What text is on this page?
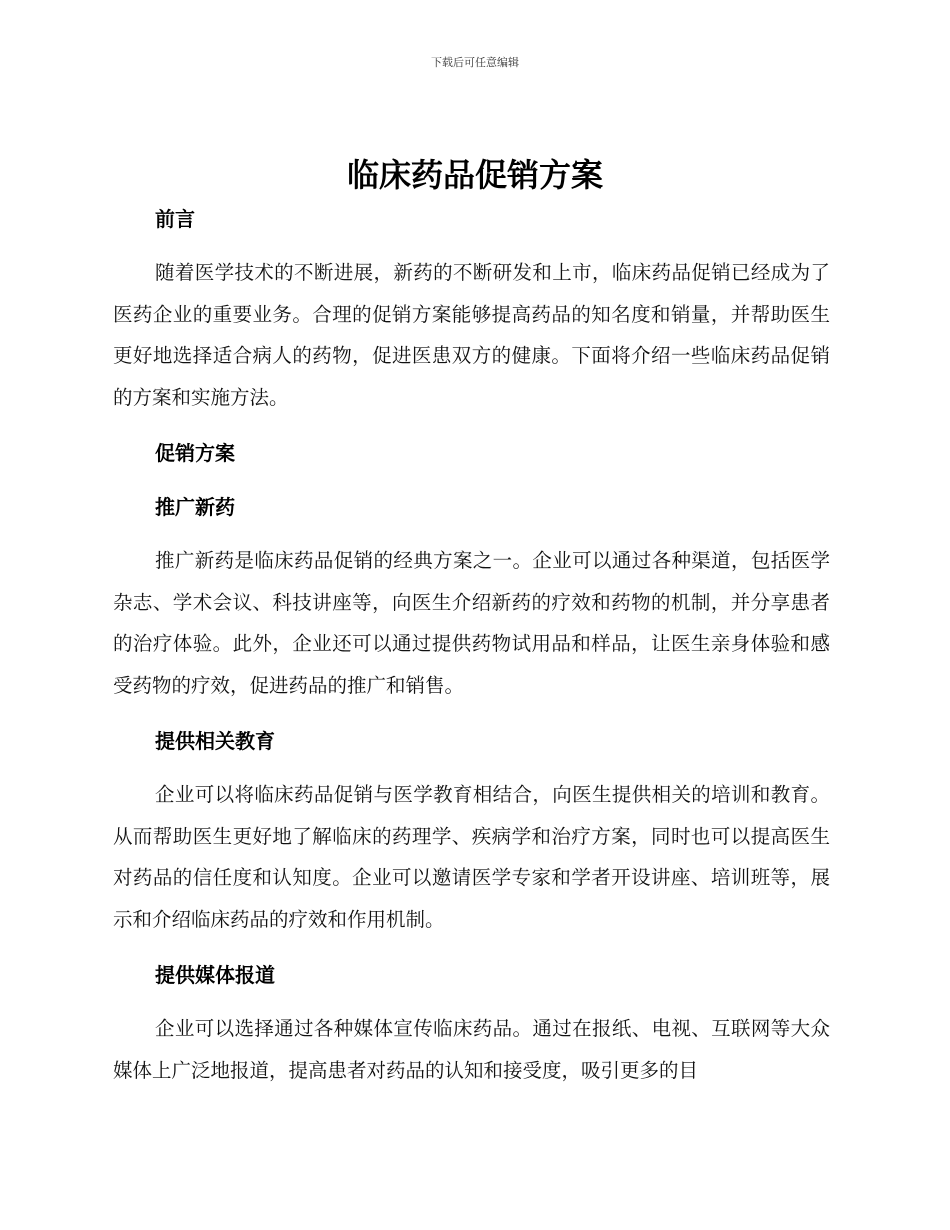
下载后可任意编辑
临床药品促销方案
前言

随着医学技术的不断进展，新药的不断研发和上市，临床药品促销已经成为了医药企业的重要业务。合理的促销方案能够提高药品的知名度和销量，并帮助医生更好地选择适合病人的药物，促进医患双方的健康。下面将介绍一些临床药品促销的方案和实施方法。

促销方案
推广新药

推广新药是临床药品促销的经典方案之一。企业可以通过各种渠道，包括医学杂志、学术会议、科技讲座等，向医生介绍新药的疗效和药物的机制，并分享患者的治疗体验。此外，企业还可以通过提供药物试用品和样品，让医生亲身体验和感受药物的疗效，促进药品的推广和销售。

提供相关教育

企业可以将临床药品促销与医学教育相结合，向医生提供相关的培训和教育。从而帮助医生更好地了解临床的药理学、疾病学和治疗方案，同时也可以提高医生对药品的信任度和认知度。企业可以邀请医学专家和学者开设讲座、培训班等，展示和介绍临床药品的疗效和作用机制。

提供媒体报道

企业可以选择通过各种媒体宣传临床药品。通过在报纸、电视、互联网等大众媒体上广泛地报道，提高患者对药品的认知和接受度，吸引更多的目
